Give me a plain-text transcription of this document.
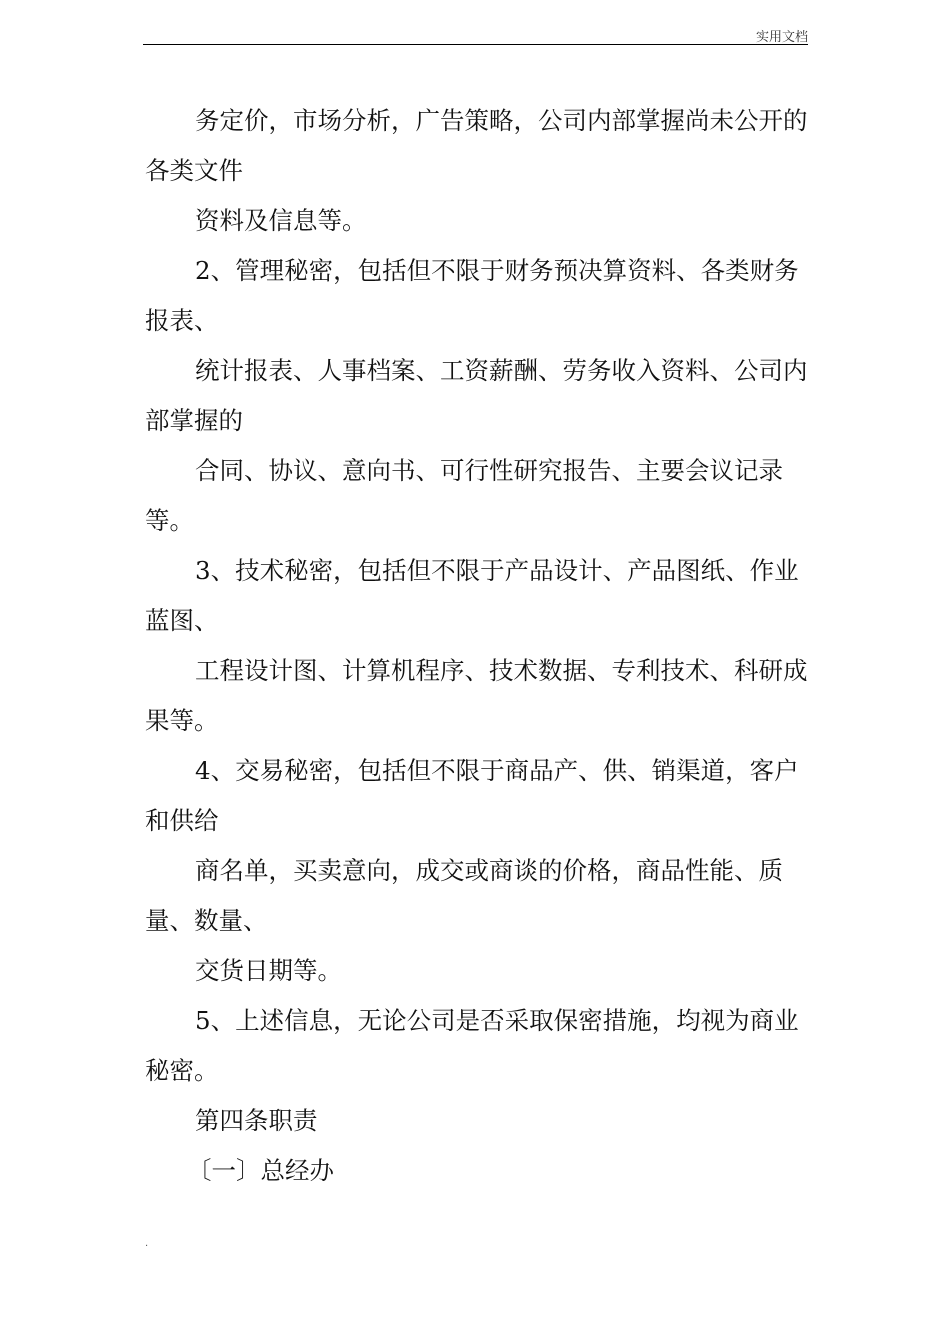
实用文档

务定价，市场分析，广告策略，公司内部掌握尚未公开的各类文件

资料及信息等。

2、管理秘密，包括但不限于财务预决算资料、各类财务报表、

统计报表、人事档案、工资薪酬、劳务收入资料、公司内部掌握的

合同、协议、意向书、可行性研究报告、主要会议记录等。

3、技术秘密，包括但不限于产品设计、产品图纸、作业蓝图、

工程设计图、计算机程序、技术数据、专利技术、科研成果等。

4、交易秘密，包括但不限于商品产、供、销渠道，客户和供给

商名单，买卖意向，成交或商谈的价格，商品性能、质量、数量、

交货日期等。

5、上述信息，无论公司是否采取保密措施，均视为商业秘密。

第四条职责

〔一〕总经办

.
